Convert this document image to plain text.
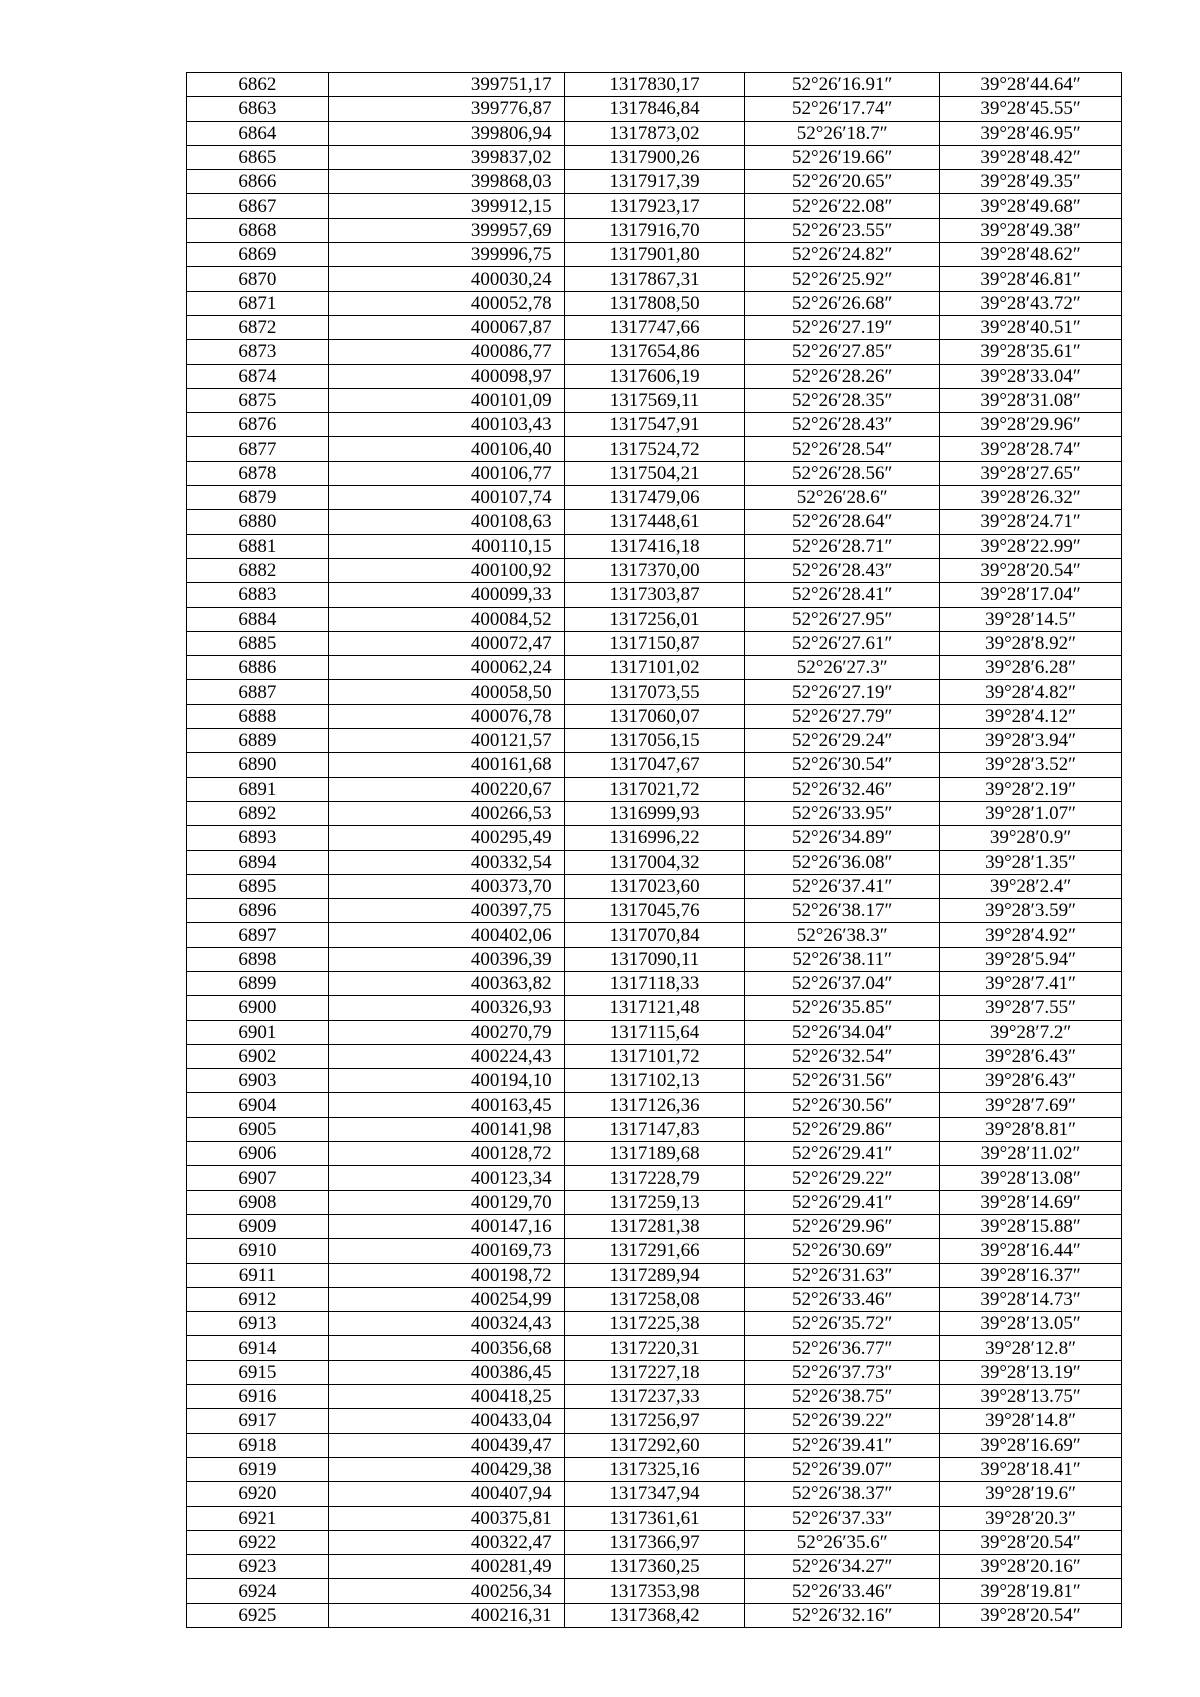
6862	399751,17	1317830,17	52°26′16.91″	39°28′44.64″
6863	399776,87	1317846,84	52°26′17.74″	39°28′45.55″
6864	399806,94	1317873,02	52°26′18.7″	39°28′46.95″
6865	399837,02	1317900,26	52°26′19.66″	39°28′48.42″
6866	399868,03	1317917,39	52°26′20.65″	39°28′49.35″
6867	399912,15	1317923,17	52°26′22.08″	39°28′49.68″
6868	399957,69	1317916,70	52°26′23.55″	39°28′49.38″
6869	399996,75	1317901,80	52°26′24.82″	39°28′48.62″
6870	400030,24	1317867,31	52°26′25.92″	39°28′46.81″
6871	400052,78	1317808,50	52°26′26.68″	39°28′43.72″
6872	400067,87	1317747,66	52°26′27.19″	39°28′40.51″
6873	400086,77	1317654,86	52°26′27.85″	39°28′35.61″
6874	400098,97	1317606,19	52°26′28.26″	39°28′33.04″
6875	400101,09	1317569,11	52°26′28.35″	39°28′31.08″
6876	400103,43	1317547,91	52°26′28.43″	39°28′29.96″
6877	400106,40	1317524,72	52°26′28.54″	39°28′28.74″
6878	400106,77	1317504,21	52°26′28.56″	39°28′27.65″
6879	400107,74	1317479,06	52°26′28.6″	39°28′26.32″
6880	400108,63	1317448,61	52°26′28.64″	39°28′24.71″
6881	400110,15	1317416,18	52°26′28.71″	39°28′22.99″
6882	400100,92	1317370,00	52°26′28.43″	39°28′20.54″
6883	400099,33	1317303,87	52°26′28.41″	39°28′17.04″
6884	400084,52	1317256,01	52°26′27.95″	39°28′14.5″
6885	400072,47	1317150,87	52°26′27.61″	39°28′8.92″
6886	400062,24	1317101,02	52°26′27.3″	39°28′6.28″
6887	400058,50	1317073,55	52°26′27.19″	39°28′4.82″
6888	400076,78	1317060,07	52°26′27.79″	39°28′4.12″
6889	400121,57	1317056,15	52°26′29.24″	39°28′3.94″
6890	400161,68	1317047,67	52°26′30.54″	39°28′3.52″
6891	400220,67	1317021,72	52°26′32.46″	39°28′2.19″
6892	400266,53	1316999,93	52°26′33.95″	39°28′1.07″
6893	400295,49	1316996,22	52°26′34.89″	39°28′0.9″
6894	400332,54	1317004,32	52°26′36.08″	39°28′1.35″
6895	400373,70	1317023,60	52°26′37.41″	39°28′2.4″
6896	400397,75	1317045,76	52°26′38.17″	39°28′3.59″
6897	400402,06	1317070,84	52°26′38.3″	39°28′4.92″
6898	400396,39	1317090,11	52°26′38.11″	39°28′5.94″
6899	400363,82	1317118,33	52°26′37.04″	39°28′7.41″
6900	400326,93	1317121,48	52°26′35.85″	39°28′7.55″
6901	400270,79	1317115,64	52°26′34.04″	39°28′7.2″
6902	400224,43	1317101,72	52°26′32.54″	39°28′6.43″
6903	400194,10	1317102,13	52°26′31.56″	39°28′6.43″
6904	400163,45	1317126,36	52°26′30.56″	39°28′7.69″
6905	400141,98	1317147,83	52°26′29.86″	39°28′8.81″
6906	400128,72	1317189,68	52°26′29.41″	39°28′11.02″
6907	400123,34	1317228,79	52°26′29.22″	39°28′13.08″
6908	400129,70	1317259,13	52°26′29.41″	39°28′14.69″
6909	400147,16	1317281,38	52°26′29.96″	39°28′15.88″
6910	400169,73	1317291,66	52°26′30.69″	39°28′16.44″
6911	400198,72	1317289,94	52°26′31.63″	39°28′16.37″
6912	400254,99	1317258,08	52°26′33.46″	39°28′14.73″
6913	400324,43	1317225,38	52°26′35.72″	39°28′13.05″
6914	400356,68	1317220,31	52°26′36.77″	39°28′12.8″
6915	400386,45	1317227,18	52°26′37.73″	39°28′13.19″
6916	400418,25	1317237,33	52°26′38.75″	39°28′13.75″
6917	400433,04	1317256,97	52°26′39.22″	39°28′14.8″
6918	400439,47	1317292,60	52°26′39.41″	39°28′16.69″
6919	400429,38	1317325,16	52°26′39.07″	39°28′18.41″
6920	400407,94	1317347,94	52°26′38.37″	39°28′19.6″
6921	400375,81	1317361,61	52°26′37.33″	39°28′20.3″
6922	400322,47	1317366,97	52°26′35.6″	39°28′20.54″
6923	400281,49	1317360,25	52°26′34.27″	39°28′20.16″
6924	400256,34	1317353,98	52°26′33.46″	39°28′19.81″
6925	400216,31	1317368,42	52°26′32.16″	39°28′20.54″
